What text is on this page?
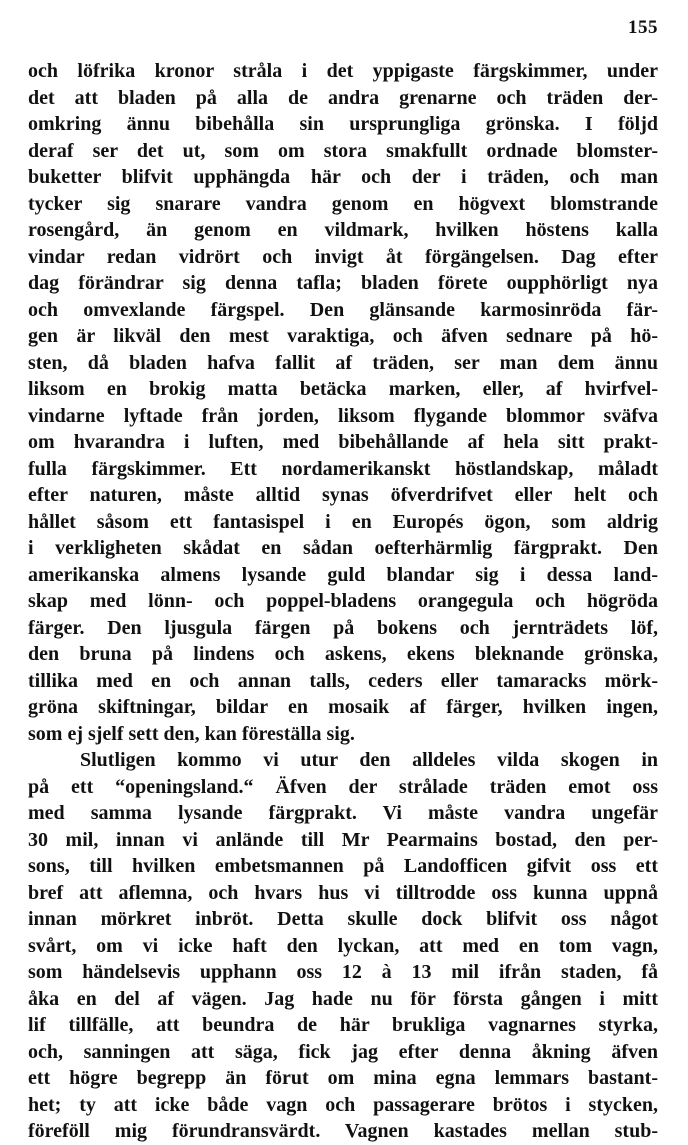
155
och löfrika kronor stråla i det yppigaste färgskimmer, under
det att bladen på alla de andra grenarne och träden der-
omkring ännu bibehålla sin ursprungliga grönska. I följd
deraf ser det ut, som om stora smakfullt ordnade blomster-
buketter blifvit upphängda här och der i träden, och man
tycker sig snarare vandra genom en högvext blomstrande
rosengård, än genom en vildmark, hvilken höstens kalla
vindar redan vidrört och invigt åt förgängelsen. Dag efter
dag förändrar sig denna tafla; bladen förete oupphörligt nya
och omvexlande färgspel. Den glänsande karmosinröda fär-
gen är likväl den mest varaktiga, och äfven sednare på hö-
sten, då bladen hafva fallit af träden, ser man dem ännu
liksom en brokig matta betäcka marken, eller, af hvirfvel-
vindarne lyftade från jorden, liksom flygande blommor sväfva
om hvarandra i luften, med bibehållande af hela sitt prakt-
fulla färgskimmer. Ett nordamerikanskt höstlandskap, måladt
efter naturen, måste alltid synas öfverdrifvet eller helt och
hållet såsom ett fantasispel i en Europés ögon, som aldrig
i verkligheten skådat en sådan oefterhärmlig färgprakt. Den
amerikanska almens lysande guld blandar sig i dessa land-
skap med lönn- och poppel-bladens orangegula och högröda
färger. Den ljusgula färgen på bokens och jernträdets löf,
den bruna på lindens och askens, ekens bleknande grönska,
tillika med en och annan talls, ceders eller tamaracks mörk-
gröna skiftningar, bildar en mosaik af färger, hvilken ingen,
som ej sjelf sett den, kan föreställa sig.
Slutligen kommo vi utur den alldeles vilda skogen in
på ett “openingsland.“ Äfven der strålade träden emot oss
med samma lysande färgprakt. Vi måste vandra ungefär
30 mil, innan vi anlände till Mr Pearmains bostad, den per-
sons, till hvilken embetsmannen på Landofficen gifvit oss ett
bref att aflemna, och hvars hus vi tilltrodde oss kunna uppnå
innan mörkret inbröt. Detta skulle dock blifvit oss något
svårt, om vi icke haft den lyckan, att med en tom vagn,
som händelsevis upphann oss 12 à 13 mil ifrån staden, få
åka en del af vägen. Jag hade nu för första gången i mitt
lif tillfälle, att beundra de här brukliga vagnarnes styrka,
och, sanningen att säga, fick jag efter denna åkning äfven
ett högre begrepp än förut om mina egna lemmars bastant-
het; ty att icke både vagn och passagerare brötos i stycken,
föreföll mig förundransvärdt. Vagnen kastades mellan stub-
